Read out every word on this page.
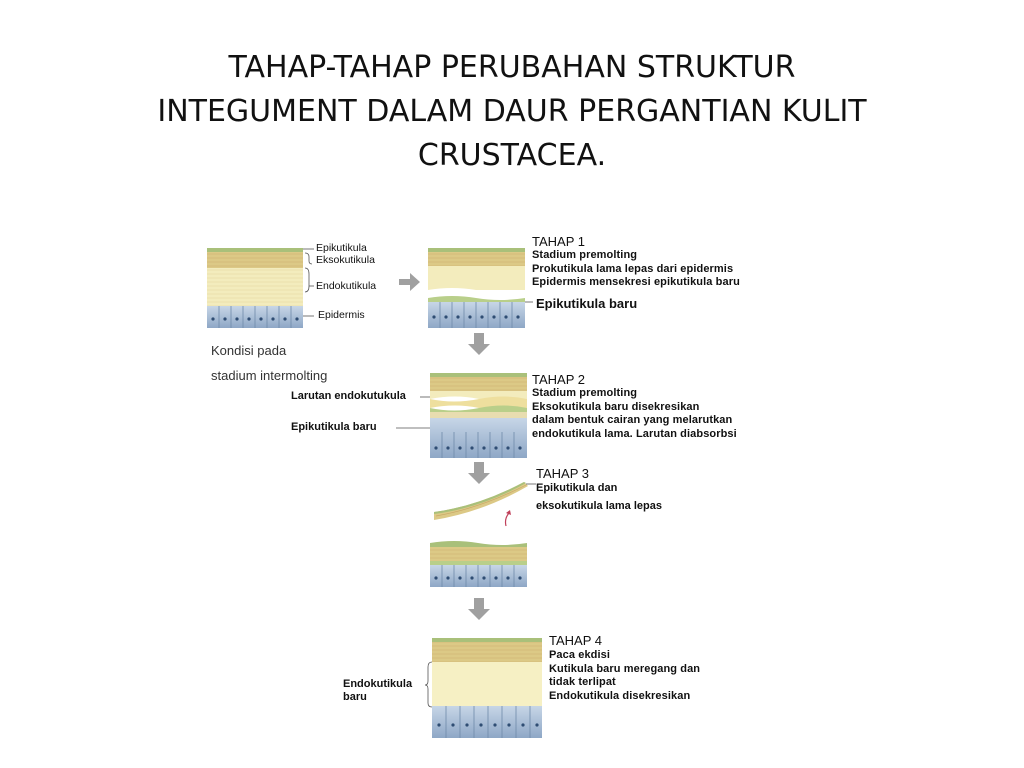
TAHAP-TAHAP PERUBAHAN STRUKTUR
INTEGUMENT DALAM DAUR PERGANTIAN KULIT
CRUSTACEA.
Epikutikula
Eksokutikula
Endokutikula
Epidermis
Kondisi pada
stadium intermolting
TAHAP 1
Stadium premolting
Prokutikula lama lepas dari epidermis
Epidermis mensekresi epikutikula baru
Epikutikula baru
TAHAP 2
Stadium premolting
Eksokutikula baru disekresikan
dalam bentuk cairan yang melarutkan
endokutikula lama. Larutan diabsorbsi
Larutan endokutukula
Epikutikula baru
TAHAP 3
Epikutikula dan
eksokutikula lama lepas
TAHAP 4
Paca ekdisi
Kutikula baru meregang dan
tidak terlipat
Endokutikula disekresikan
Endokutikula
baru
